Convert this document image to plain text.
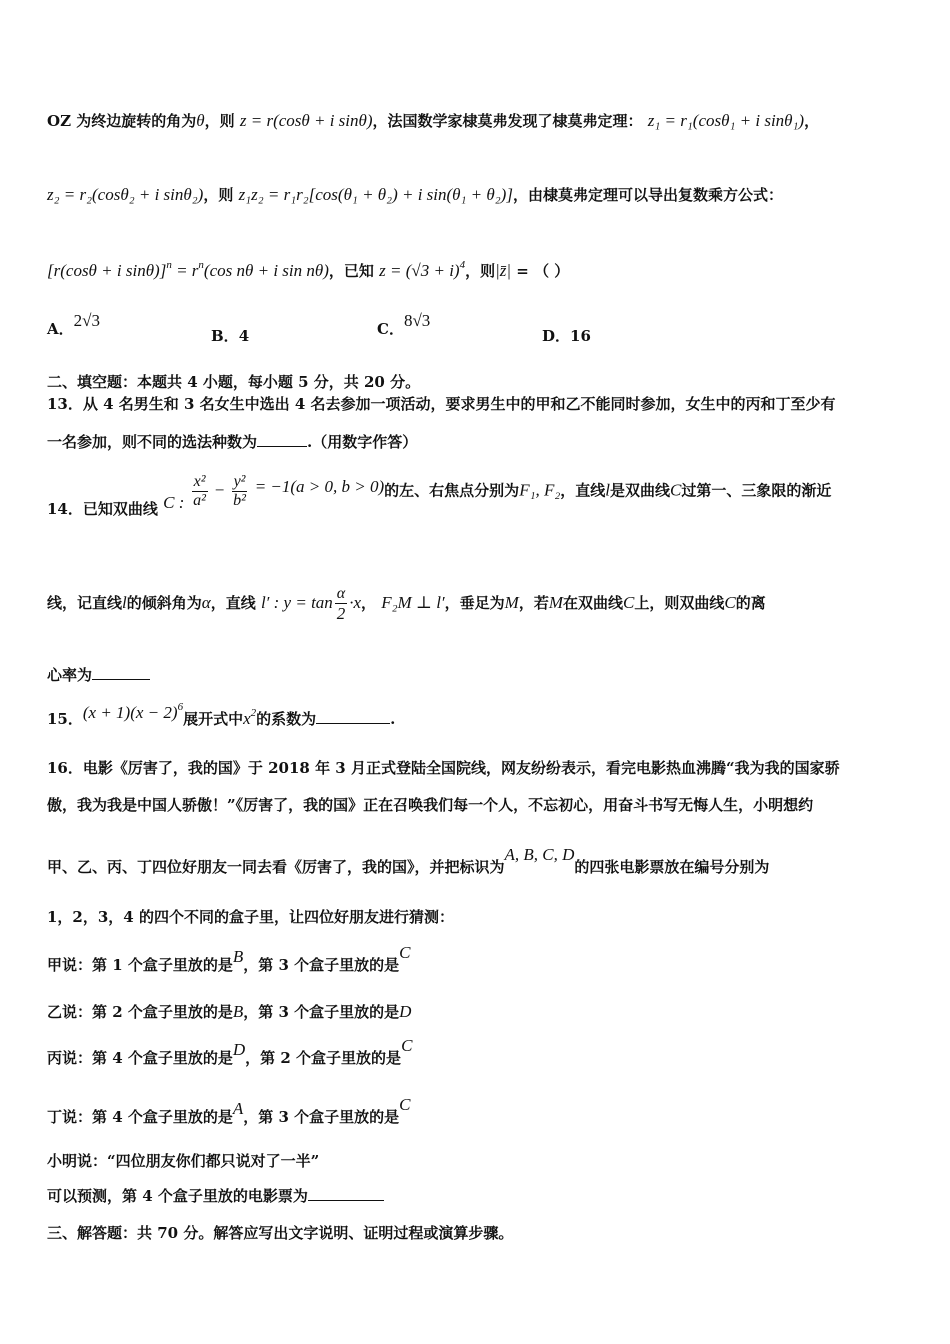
OZ 为终边旋转的角为θ，则 z = r(cosθ + i sinθ)，法国数学家棣莫弗发现了棣莫弗定理： z₁ = r₁(cosθ₁ + i sinθ₁)，
z₂ = r₂(cosθ₂ + i sinθ₂)，则 z₁z₂ = r₁r₂[cos(θ₁ + θ₂) + i sin(θ₁ + θ₂)]，由棣莫弗定理可以导出复数乘方公式：
[r(cosθ + i $\sin\theta)]^n = r^n(\cos$ nθ + i sin nθ)，已知 $z = (√3 + i)^4$，则|z̄| = （ ）
A．2√3
B．4	C．8√3
D．16
二、填空题：本题共 4 小题，每小题 5 分，共 20 分。
13．从 4 名男生和 3 名女生中选出 4 名去参加一项活动，要求男生中的甲和乙不能同时参加，女生中的丙和丁至少有
一名参加，则不同的选法种数为	.（用数字作答）
14．已知双曲线 C : $\frac{\text{x²}}{\text{a²}} - \frac{\text{y²}}{\text{b²}} = -1(a > 0$, b > 0)的左、右焦点分别为F₁, F₂，直线l是双曲线C过第一、三象限的渐近
线，记直线l的倾斜角为α，直线 l′ : $y = \tan \frac{\alpha}{2} \cdot x$， F₂M ⊥ l′，垂足为M，若M在双曲线C上，则双曲线C的离
心率为
15．$(x + 1)(x - 2)^6$展开式中$x^2$的系数为	.
16．电影《厉害了，我的国》于 2018 年 3 月正式登陆全国院线，网友纷纷表示，看完电影热血沸腾“我为我的国家骄
傲，我为我是中国人骄傲！”《厉害了，我的国》正在召唤我们每一个人，不忘初心，用奋斗书写无悔人生，小明想约
甲、乙、丙、丁四位好朋友一同去看《厉害了，我的国》，并把标识为A, B, C, D的四张电影票放在编号分别为
1，2，3，4 的四个不同的盒子里，让四位好朋友进行猜测：
甲说：第 1 个盒子里放的是B，第 3 个盒子里放的是C
乙说：第 2 个盒子里放的是B，第 3 个盒子里放的是D
丙说：第 4 个盒子里放的是D，第 2 个盒子里放的是C
丁说：第 4 个盒子里放的是A，第 3 个盒子里放的是C
小明说：“四位朋友你们都只说对了一半”
可以预测，第 4 个盒子里放的电影票为
三、解答题：共 70 分。解答应写出文字说明、证明过程或演算步骤。
